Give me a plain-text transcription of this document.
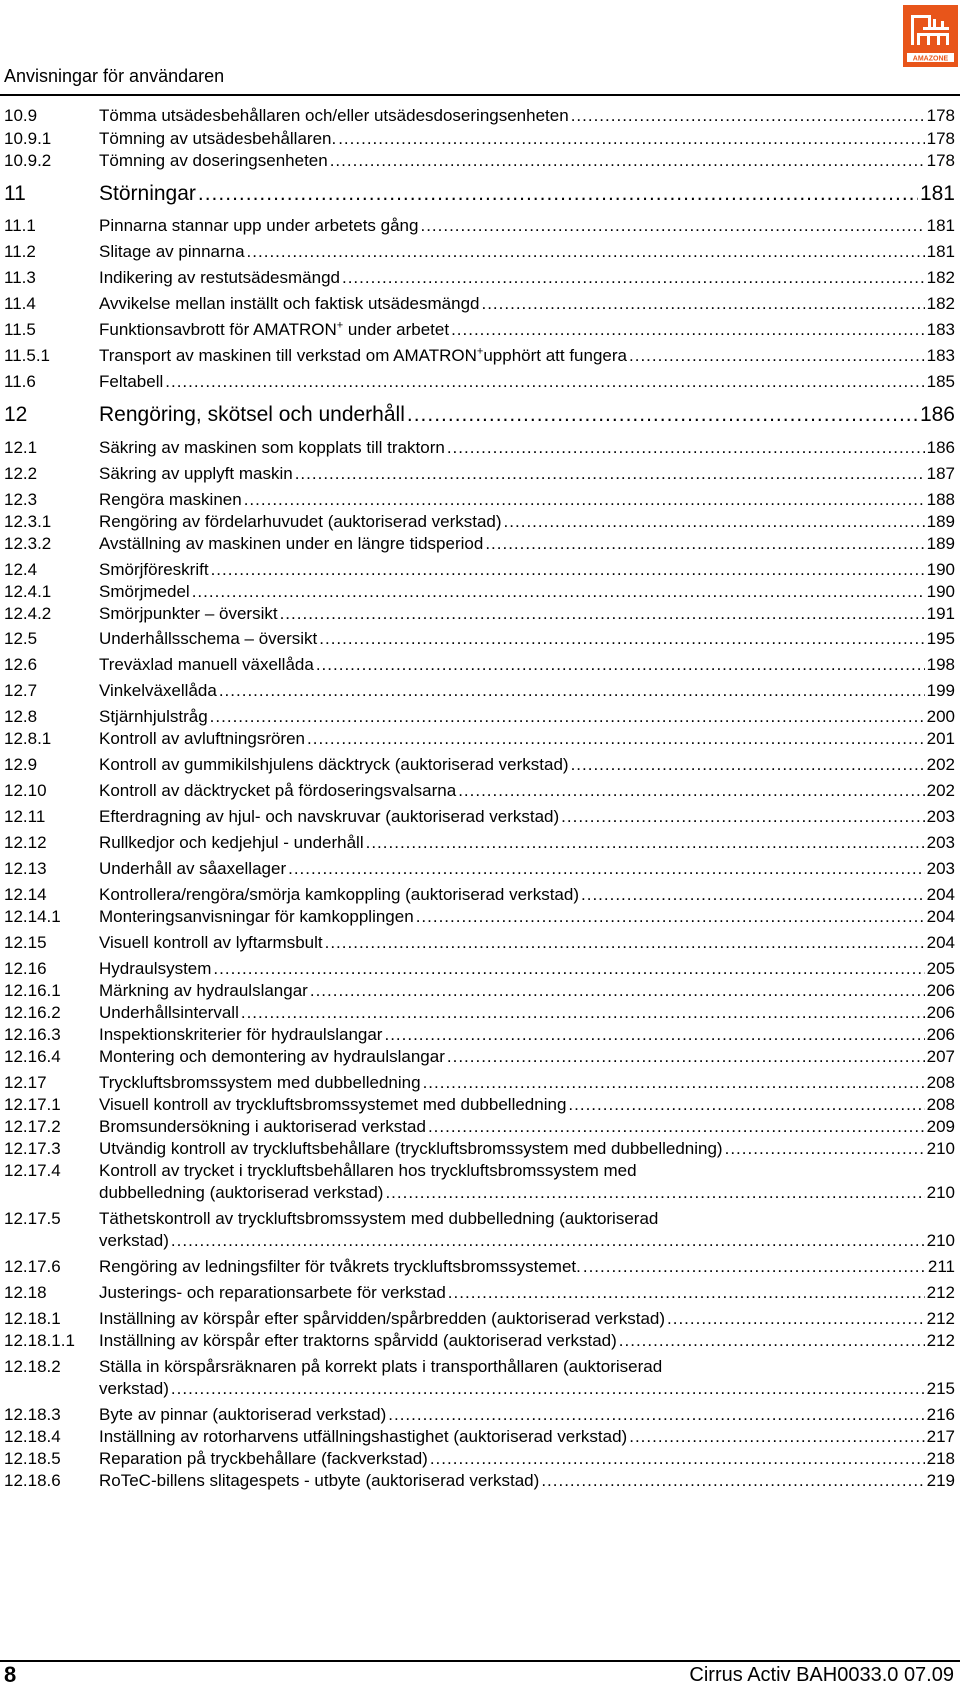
Anvisningar för användaren
AMAZONE
10.9	Tömma utsädesbehållaren och/eller utsädesdoseringsenheten .....	178
10.9.1	Tömning av utsädesbehållaren. .....	178
10.9.2	Tömning av doseringsenheten .....	178
11	Störningar .....	181
11.1	Pinnarna stannar upp under arbetets gång .....	181
11.2	Slitage av pinnarna .....	181
11.3	Indikering av restutsädesmängd .....	182
11.4	Avvikelse mellan inställt och faktisk utsädesmängd .....	182
11.5	Funktionsavbrott för AMATRON+ under arbetet .....	183
11.5.1	Transport av maskinen till verkstad om AMATRON+upphört att fungera .....	183
11.6	Feltabell .....	185
12	Rengöring, skötsel och underhåll .....	186
12.1	Säkring av maskinen som kopplats till traktorn .....	186
12.2	Säkring av upplyft maskin .....	187
12.3	Rengöra maskinen .....	188
12.3.1	Rengöring av fördelarhuvudet (auktoriserad verkstad) .....	189
12.3.2	Avställning av maskinen under en längre tidsperiod .....	189
12.4	Smörjföreskrift .....	190
12.4.1	Smörjmedel .....	190
12.4.2	Smörjpunkter – översikt .....	191
12.5	Underhållsschema – översikt .....	195
12.6	Treväxlad manuell växellåda .....	198
12.7	Vinkelväxellåda .....	199
12.8	Stjärnhjulstråg .....	200
12.8.1	Kontroll av avluftningsrören .....	201
12.9	Kontroll av gummikilshjulens däcktryck (auktoriserad verkstad) .....	202
12.10	Kontroll av däcktrycket på fördoseringsvalsarna .....	202
12.11	Efterdragning av hjul- och navskruvar (auktoriserad verkstad) .....	203
12.12	Rullkedjor och kedjehjul - underhåll .....	203
12.13	Underhåll av såaxellager .....	203
12.14	Kontrollera/rengöra/smörja kamkoppling (auktoriserad verkstad) .....	204
12.14.1 Monteringsanvisningar för kamkopplingen .....	204
12.15	Visuell kontroll av lyftarmsbult .....	204
12.16	Hydraulsystem .....	205
12.16.1 Märkning av hydraulslangar .....	206
12.16.2 Underhållsintervall .....	206
12.16.3 Inspektionskriterier för hydraulslangar .....	206
12.16.4 Montering och demontering av hydraulslangar .....	207
12.17	Tryckluftsbromssystem med dubbelledning .....	208
12.17.1 Visuell kontroll av tryckluftsbromssystemet med dubbelledning .....	208
12.17.2 Bromsundersökning i auktoriserad verkstad .....	209
12.17.3 Utvändig kontroll av tryckluftsbehållare (tryckluftsbromssystem med dubbelledning) .....	210
12.17.4 Kontroll av trycket i tryckluftsbehållaren hos tryckluftsbromssystem med
dubbelledning (auktoriserad verkstad) .....	210
12.17.5 Täthetskontroll av tryckluftsbromssystem med dubbelledning (auktoriserad
verkstad) .....	210
12.17.6 Rengöring av ledningsfilter för tvåkrets tryckluftsbromssystemet. .....	211
12.18	Justerings- och reparationsarbete för verkstad .....	212
12.18.1 Inställning av körspår efter spårvidden/spårbredden (auktoriserad verkstad) .....	212
12.18.1.1 Inställning av körspår efter traktorns spårvidd (auktoriserad verkstad) .....	212
12.18.2 Ställa in körspårsräknaren på korrekt plats i transporthållaren (auktoriserad
verkstad) .....	215
12.18.3 Byte av pinnar (auktoriserad verkstad) .....	216
12.18.4 Inställning av rotorharvens utfällningshastighet (auktoriserad verkstad) .....	217
12.18.5 Reparation på tryckbehållare (fackverkstad) .....	218
12.18.6 RoTeC-billens slitagespets - utbyte (auktoriserad verkstad) .....	219
8	Cirrus Activ BAH0033.0 07.09
